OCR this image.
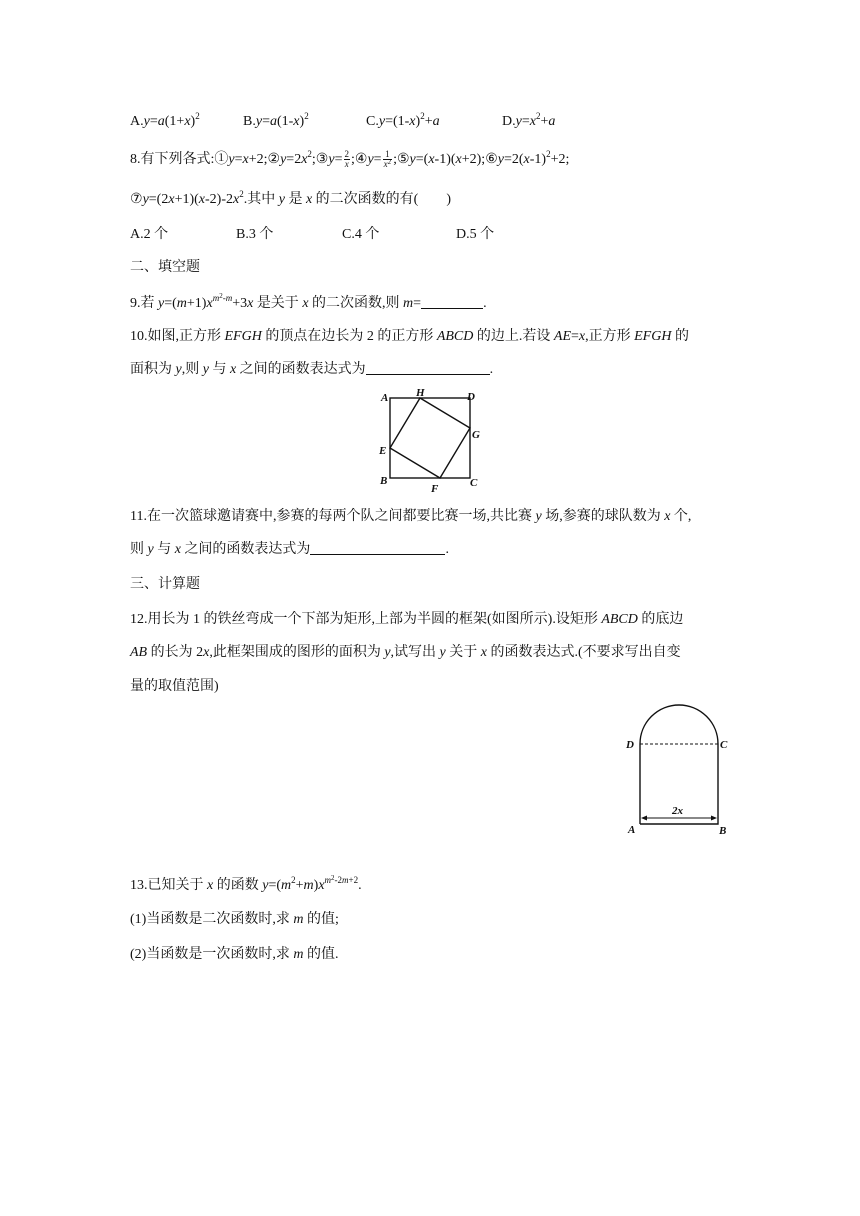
$A.y=a(1+x)^2$	$B.y=a(1-x)^2$	$C.y=(1-x)^2+a$	$D.y=x^2+a$
8.有下列各式$:①y=x+2;②y=2x^2;③y= \frac{2}{x}$ ;④y= $\frac{1}{x^2}$ $;⑤y=(x-1)(x+2);⑥y=2(x-1)^2+2$;
$⑦y=(2x+1)(x-2)-2x^2$.其中 y 是 x 的二次函数的有(　　)
A.2 个	B.3 个	C.4 个	D.5 个
二、填空题
9.若 $y=(m+1)x^{m^2-m}+3x$ 是关于 x 的二次函数,则 m=	.
10.如图,正方形 EFGH 的顶点在边长为 2 的正方形 ABCD 的边上.若设 AE=x,正方形 EFGH 的
面积为 y,则 y 与 x 之间的函数表达式为	.
A	H	D
G
E
B
F	C
11.在一次篮球邀请赛中,参赛的每两个队之间都要比赛一场,共比赛 y 场,参赛的球队数为 x 个,
则 y 与 x 之间的函数表达式为	.
三、计算题
12.用长为 1 的铁丝弯成一个下部为矩形,上部为半圆的框架(如图所示).设矩形 ABCD 的底边
AB 的长为 2x,此框架围成的图形的面积为 y,试写出 y 关于 x 的函数表达式.(不要求写出自变
量的取值范围)
D	C
2x
A	B
13.已知关于 x 的函数 $y=(m^2+m)x^{m^2-2m+2}$.
(1)当函数是二次函数时,求 m 的值;
(2)当函数是一次函数时,求 m 的值.
